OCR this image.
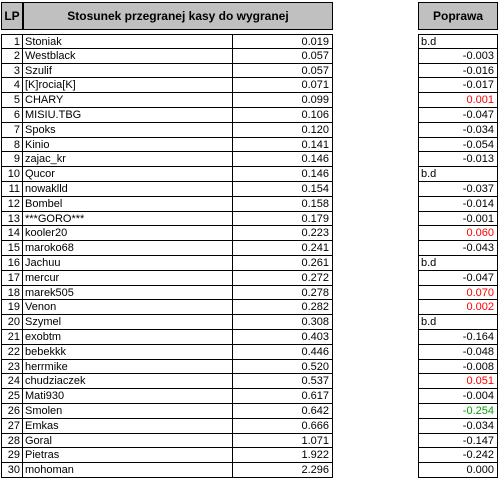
LP	Stosunek przegranej kasy do wygranej	Poprawa
1 Stoniak	0.019	b.d
2 Westblack	0.057	-0.003
3 Szulif	0.057	-0.016
4 [K]rocia[K]	0.071	-0.017
5 CHARY	0.099	0.001
6 MISIU.TBG	0.106	-0.047
7 Spoks	0.120	-0.034
8 Kinio	0.141	-0.054
9 zajac_kr	0.146	-0.013
10 Qucor	0.146	b.d
11 nowaklld	0.154	-0.037
12 Bombel	0.158	-0.014
13 ***GORO***	0.179	-0.001
14 kooler20	0.223	0.060
15 maroko68	0.241	-0.043
16 Jachuu	0.261	b.d
17 mercur	0.272	-0.047
18 marek505	0.278	0.070
19 Venon	0.282	0.002
20 Szymel	0.308	b.d
21 exobtm	0.403	-0.164
22 bebekkk	0.446	-0.048
23 herrmike	0.520	-0.008
24 chudziaczek	0.537	0.051
25 Mati930	0.617	-0.004
26 Smolen	0.642	-0.254
27 Emkas	0.666	-0.034
28 Goral	1.071	-0.147
29 Pietras	1.922	-0.242
30 mohoman	2.296	0.000
